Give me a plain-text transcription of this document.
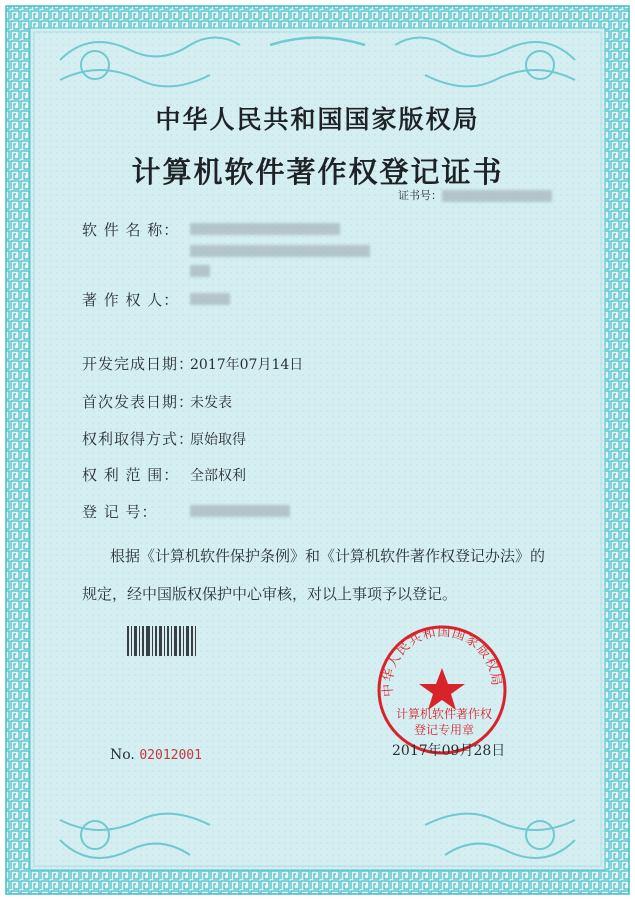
中华人民共和国国家版权局
计算机软件著作权登记证书
证书号：
软 件 名 称：

著 作 权 人：
开发完成日期：
2017年07月14日
首次发表日期：
未发表
权利取得方式：
原始取得
权 利 范 围： 全部权利
登 记 号：
根据《计算机软件保护条例》和《计算机软件著作权登记办法》的
规定，经中国版权保护中心审核，对以上事项予以登记。
No. 02012001
中华人民共和国国家版权局
计算机软件著作权
登记专用章
2017年09月28日
